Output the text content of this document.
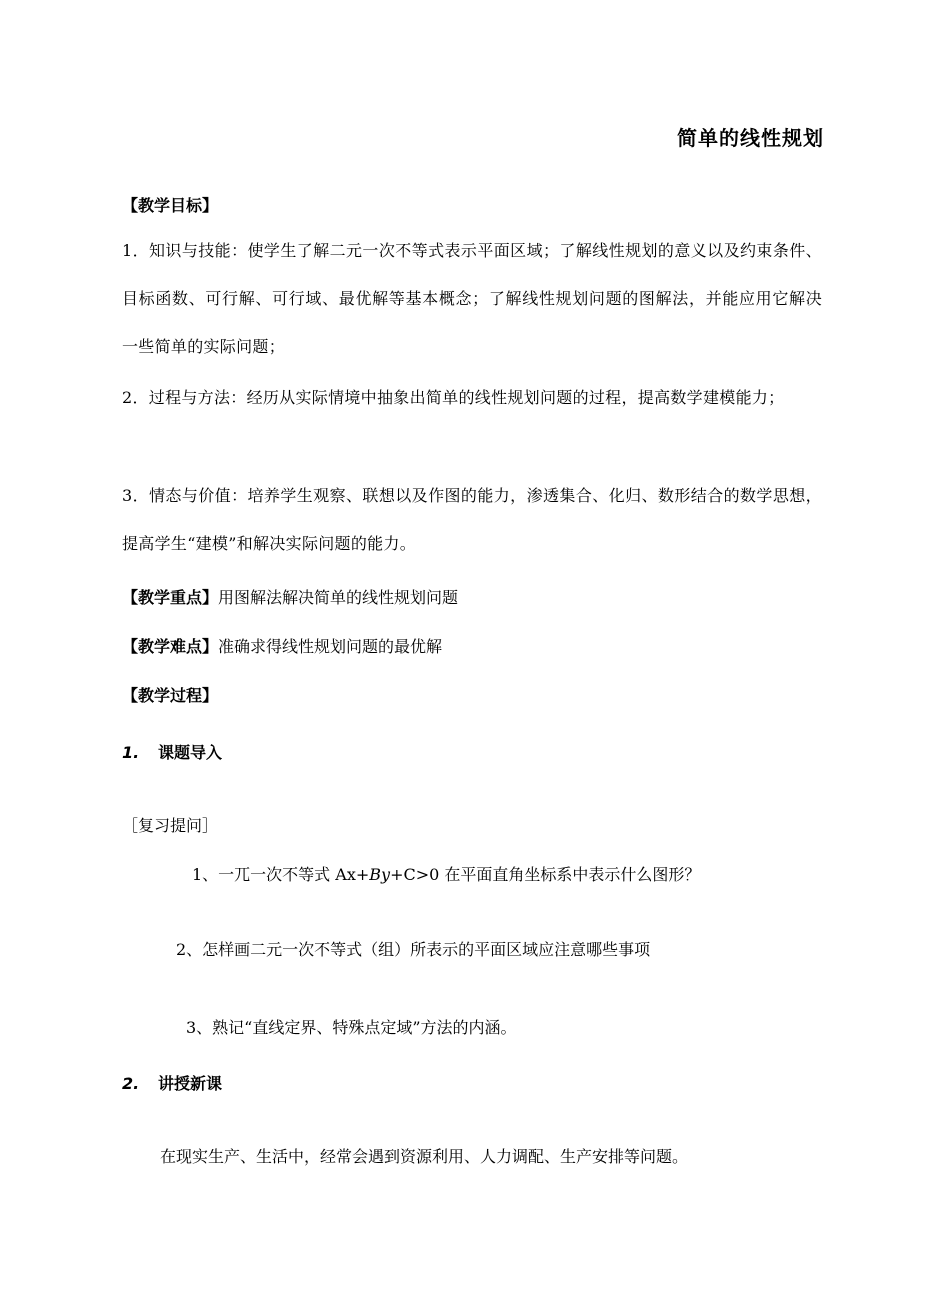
简单的线性规划
【教学目标】
1．知识与技能：使学生了解二元一次不等式表示平面区域；了解线性规划的意义以及约束条件、目标函数、可行解、可行域、最优解等基本概念；了解线性规划问题的图解法，并能应用它解决一些简单的实际问题；
2．过程与方法：经历从实际情境中抽象出简单的线性规划问题的过程，提高数学建模能力；
3．情态与价值：培养学生观察、联想以及作图的能力，渗透集合、化归、数形结合的数学思想，提高学生“建模”和解决实际问题的能力。
【教学重点】用图解法解决简单的线性规划问题
【教学难点】准确求得线性规划问题的最优解
【教学过程】
1. 课题导入
［复习提问］
1、一兀一次不等式 Ax+By+C>0 在平面直角坐标系中表示什么图形？
2、怎样画二元一次不等式（组）所表示的平面区域应注意哪些事项
3、熟记“直线定界、特殊点定域”方法的内涵。
2. 讲授新课
在现实生产、生活中，经常会遇到资源利用、人力调配、生产安排等问题。
